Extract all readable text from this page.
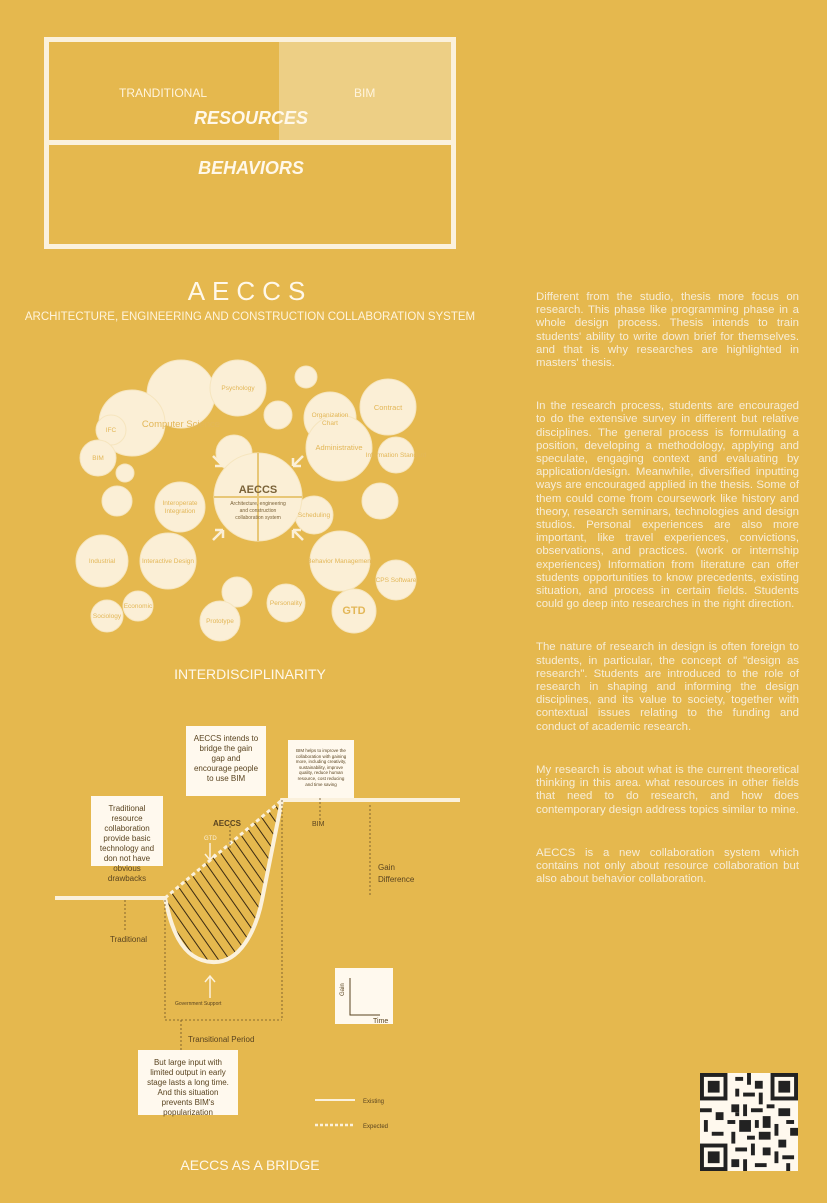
TRANDITIONAL	BIM
RESOURCES
BEHAVIORS
AECCS
ARCHITECTURE, ENGINEERING AND CONSTRUCTION COLLABORATION SYSTEM
Computer Science
Psychology
Organization
Chart
Contract
Administrative
Information Standard
Scheduling
Interoperate
Integration
Interactive Design
Industrial	Behavior Management
CPS Software
Personality
GTD
Prototype
Economic
Sociology
BIM
IFC
AECCS
Architecture, engineering
and construction
collaboration system
INTERDISCIPLINARITY
AECCS	BIM
GTD
Gain
Difference
Traditional
Government Support
Transitional Period
Gain
Time
Existing
Expected
Traditional resource collaboration provide basic technology and don not have obvious drawbacks
AECCS intends to bridge the gain gap and encourage people to use BIM
BIM helps to improve the collaboration with gaining more, including creativity, sustainability, improve quality, reduce human resource, cost reducing and time saving
But large input with limited output in early stage lasts a long time. And this situation prevents BIM's popularization
AECCS AS A BRIDGE

Different from the studio, thesis more focus on research. This phase like programming phase in a whole design process. Thesis intends to train students' ability to write down brief for themselves. and that is why researches are highlighted in masters' thesis.

In the research process, students are encouraged to do the extensive survey in different but relative disciplines. The general process is formulating a position, developing a methodology, applying and speculate, engaging context and evaluating by application/design. Meanwhile, diversified inputting ways are encouraged applied in the thesis. Some of them could come from coursework like history and theory, research seminars, technologies and design studios. Personal experiences are also more important, like travel experiences, convictions, observations, and practices. (work or internship experiences) Information from literature can offer students opportunities to know precedents, existing situation, and process in certain fields. Students could go deep into researches in the right direction.

The nature of research in design is often foreign to students, in particular, the concept of "design as research". Students are introduced to the role of research in shaping and informing the design disciplines, and its value to society, together with contextual issues relating to the funding and conduct of academic research.

My research is about what is the current theoretical thinking in this area. what resources in other fields that need to do research, and how does contemporary design address topics similar to mine.

AECCS is a new collaboration system which contains not only about resource collaboration but also about behavior collaboration.
